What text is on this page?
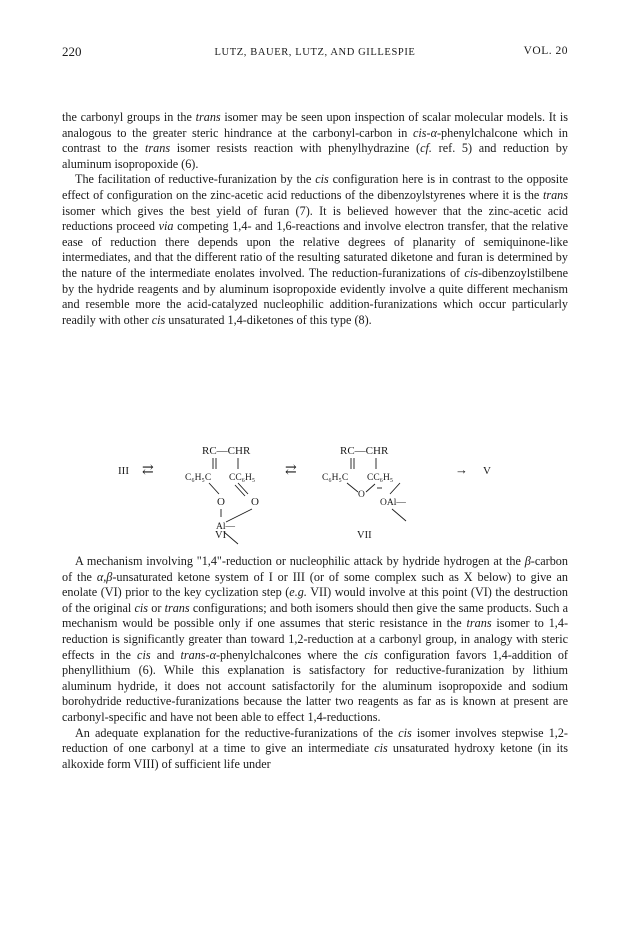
220	LUTZ, BAUER, LUTZ, AND GILLESPIE	VOL. 20

the carbonyl groups in the trans isomer may be seen upon inspection of scalar molecular models. It is analogous to the greater steric hindrance at the carbonyl-carbon in cis-α-phenylchalcone which in contrast to the trans isomer resists reaction with phenylhydrazine (cf. ref. 5) and reduction by aluminum isopropoxide (6).

The facilitation of reductive-furanization by the cis configuration here is in contrast to the opposite effect of configuration on the zinc-acetic acid reductions of the dibenzoylstyrenes where it is the trans isomer which gives the best yield of furan (7). It is believed however that the zinc-acetic acid reductions proceed via competing 1,4- and 1,6-reactions and involve electron transfer, that the relative ease of reduction there depends upon the relative degrees of planarity of semiquinone-like intermediates, and that the different ratio of the resulting saturated diketone and furan is determined by the nature of the intermediate enolates involved. The reduction-furanizations of cis-dibenzoylstilbene by the hydride reagents and by aluminum isopropoxide evidently involve a quite different mechanism and resemble more the acid-catalyzed nucleophilic addition-furanizations which occur particularly readily with other cis unsaturated 1,4-diketones of this type (8).

III ⇄
RC—CHR
C₆H₅C CC₆H₅
O O
Al—
⇄
RC—CHR
C₆H₅C CC₆H₅
O
OAl—
→ V
VI	VII

A mechanism involving "1,4"-reduction or nucleophilic attack by hydride hydrogen at the β-carbon of the α,β-unsaturated ketone system of I or III (or of some complex such as X below) to give an enolate (VI) prior to the key cyclization step (e.g. VII) would involve at this point (VI) the destruction of the original cis or trans configurations; and both isomers should then give the same products. Such a mechanism would be possible only if one assumes that steric resistance in the trans isomer to 1,4-reduction is significantly greater than toward 1,2-reduction at a carbonyl group, in analogy with steric effects in the cis and trans-α-phenylchalcones where the cis configuration favors 1,4-addition of phenyllithium (6). While this explanation is satisfactory for reductive-furanization by lithium aluminum hydride, it does not account satisfactorily for the aluminum isopropoxide and sodium borohydride reductive-furanizations because the latter two reagents as far as is known at present are carbonyl-specific and have not been able to effect 1,4-reductions.

An adequate explanation for the reductive-furanizations of the cis isomer involves stepwise 1,2-reduction of one carbonyl at a time to give an intermediate cis unsaturated hydroxy ketone (in its alkoxide form VIII) of sufficient life under
